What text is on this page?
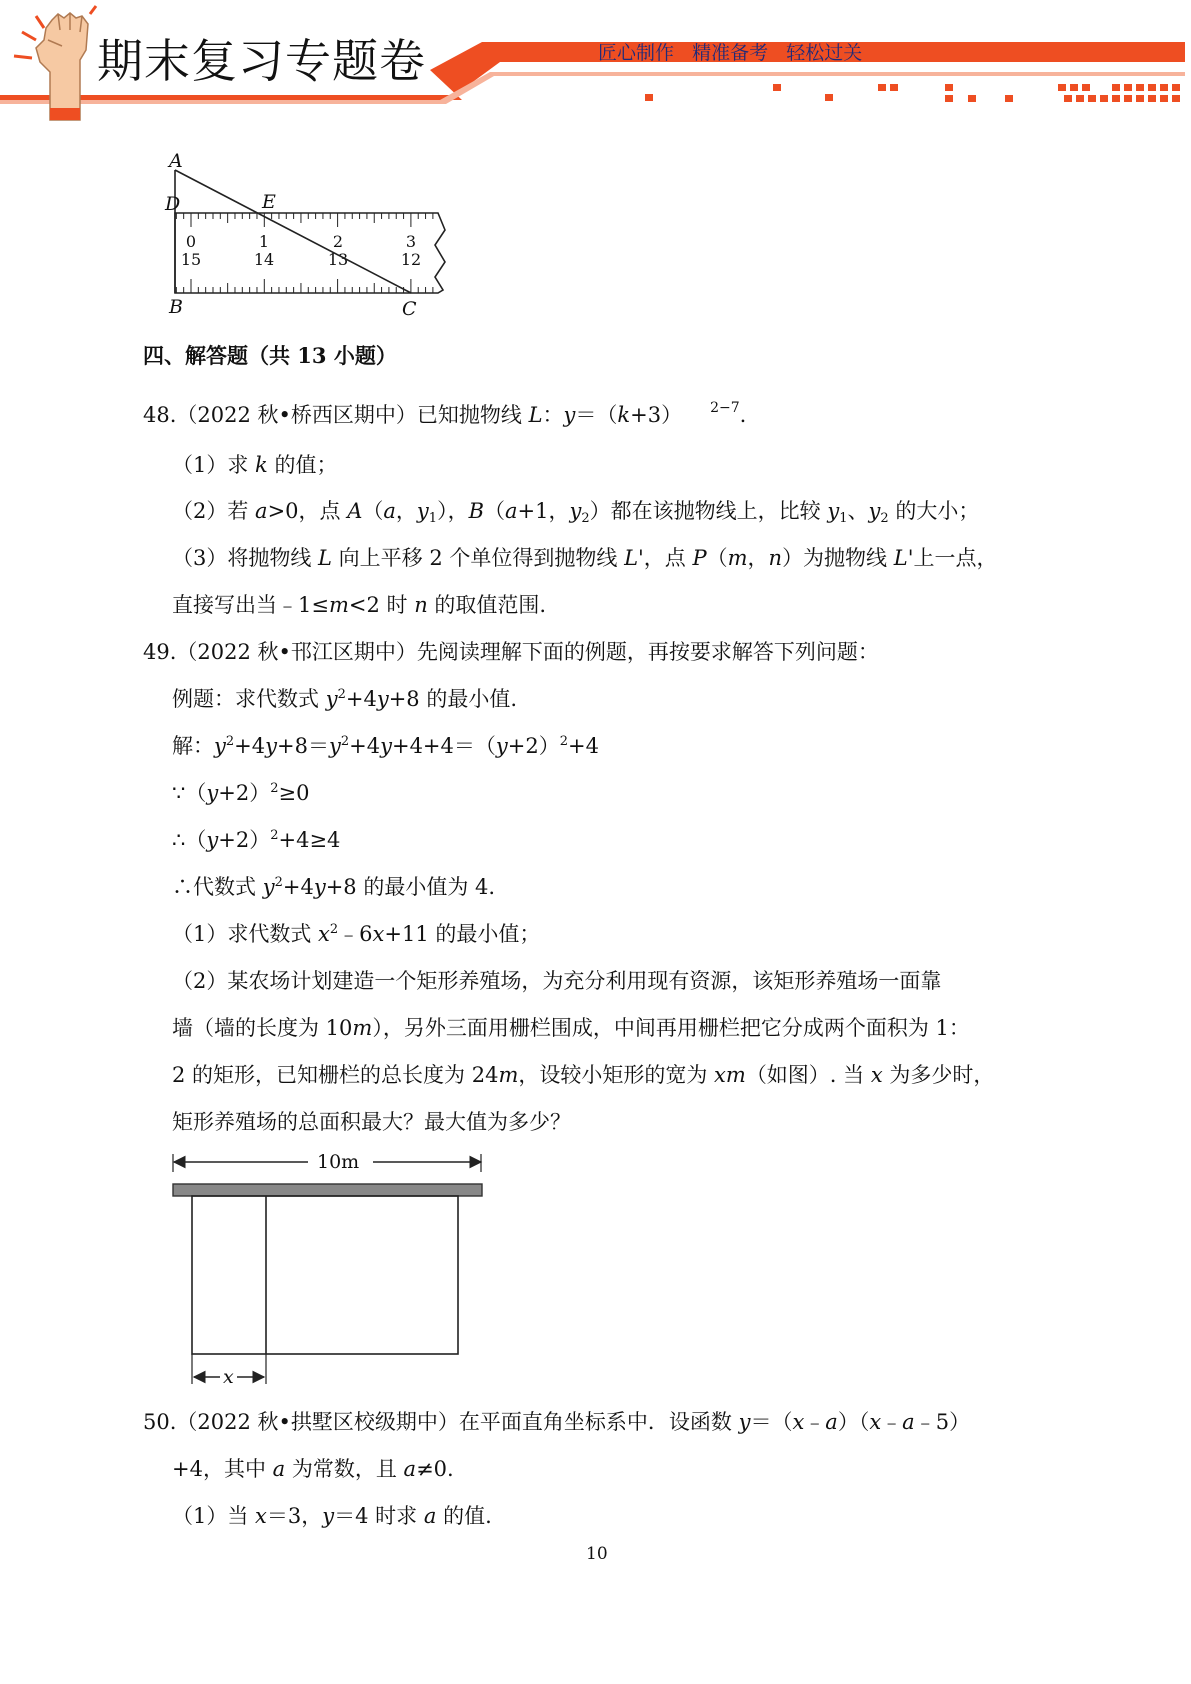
期末复习专题卷	匠心制作   精准备考   轻松过关
A
D	E
B	C
0	1	2	3
15	14	13	12
四、解答题（共 13 小题）
48.（2022 秋•桥西区期中）已知抛物线 L：y＝（k+3） $^{2-7}$.
（1）求 k 的值；
（2）若 a>0，点 A（a，$y_1$），B（a+1，$y_2$）都在该抛物线上，比较 $y_1$、$y_2$ 的大小；
（3）将抛物线 L 向上平移 2 个单位得到抛物线 L'，点 P（m，n）为抛物线 L'上一点，
直接写出当﹣1≤m<2 时 n 的取值范围.
49.（2022 秋•邗江区期中）先阅读理解下面的例题，再按要求解答下列问题：
例题：求代数式 $y^2+4y+8$ 的最小值.
解：$y^2+4y+8=y^2+4y+4+4=(y+2)^2+4$
$\because(y+2)^2\ge 0$
$\therefore(y+2)^2+4\ge 4$
∴代数式 $y^2+4y+8$ 的最小值为 4.
（1）求代数式 $x^2﹣6x+11$ 的最小值；
（2）某农场计划建造一个矩形养殖场，为充分利用现有资源，该矩形养殖场一面靠
墙（墙的长度为 10m），另外三面用栅栏围成，中间再用栅栏把它分成两个面积为 1：
2 的矩形，已知栅栏的总长度为 24m，设较小矩形的宽为 xm（如图）. 当 x 为多少时，
矩形养殖场的总面积最大？最大值为多少？
10m
x
50.（2022 秋•拱墅区校级期中）在平面直角坐标系中．设函数 y＝（x﹣a）（x﹣a﹣5）
+4，其中 a 为常数，且 a≠0.
（1）当 x＝3，y＝4 时求 a 的值.
10
